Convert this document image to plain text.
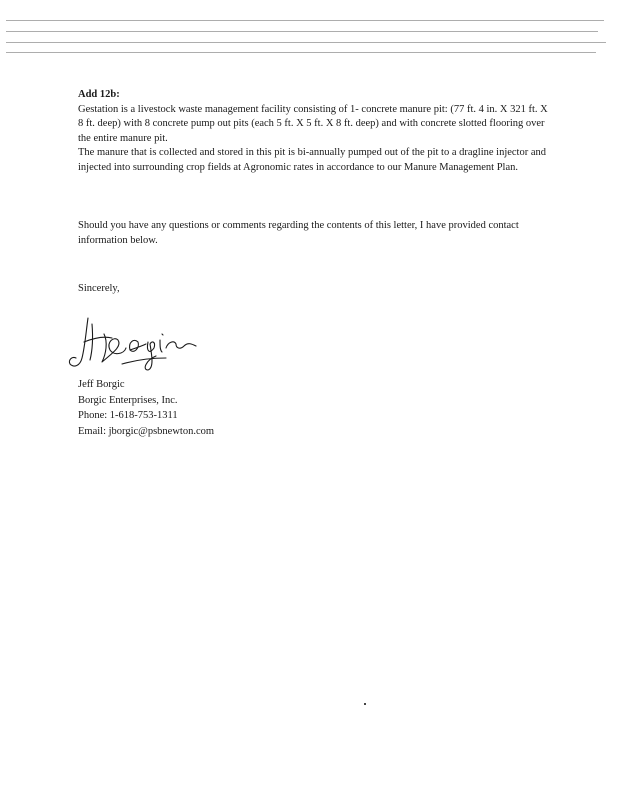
Add 12b:

Gestation is a livestock waste management facility consisting of 1- concrete manure pit: (77 ft. 4 in. X 321 ft. X 8 ft. deep) with 8 concrete pump out pits (each 5 ft. X 5 ft. X 8 ft. deep) and with concrete slotted flooring over the entire manure pit.

The manure that is collected and stored in this pit is bi-annually pumped out of the pit to a dragline injector and injected into surrounding crop fields at Agronomic rates in accordance to our Manure Management Plan.

Should you have any questions or comments regarding the contents of this letter, I have provided contact information below.

Sincerely,
Jeff Borgic
Borgic Enterprises, Inc.
Phone: 1-618-753-1311
Email: jborgic@psbnewton.com
